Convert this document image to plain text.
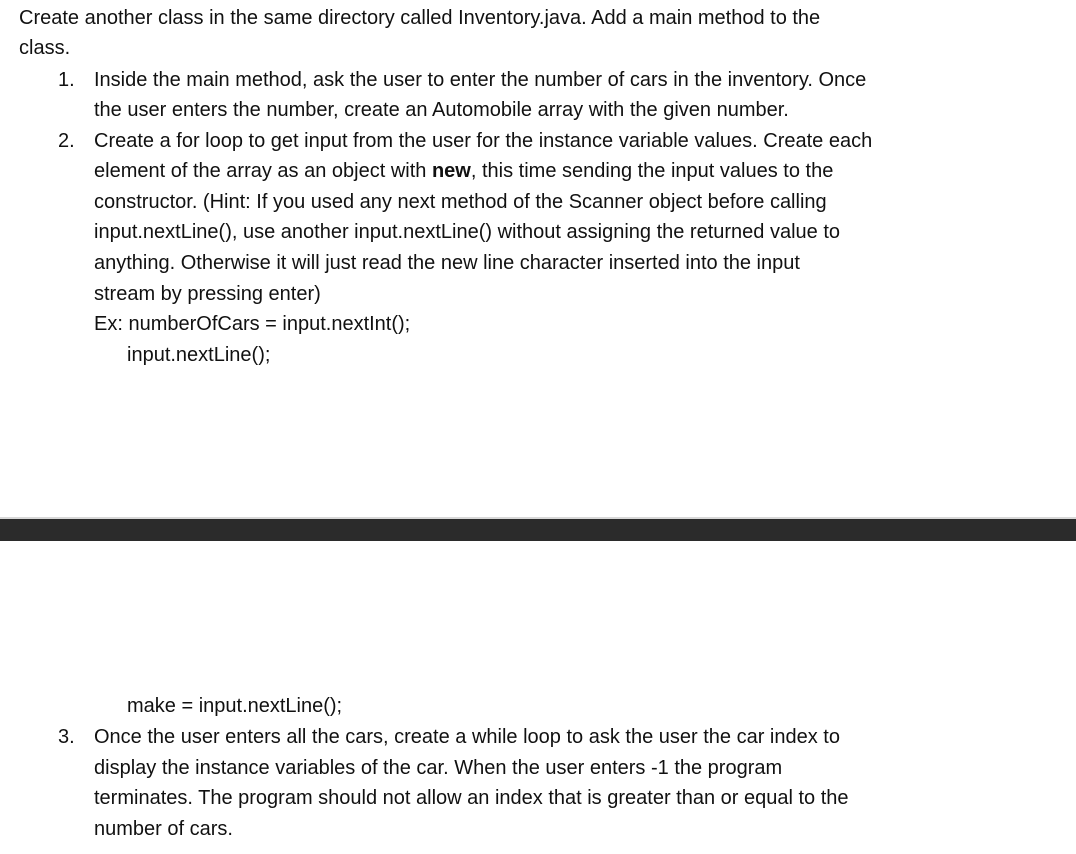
Create another class in the same directory called Inventory.java. Add a main method to the
class.
1. Inside the main method, ask the user to enter the number of cars in the inventory. Once
the user enters the number, create an Automobile array with the given number.
2. Create a for loop to get input from the user for the instance variable values. Create each
element of the array as an object with new, this time sending the input values to the
constructor. (Hint: If you used any next method of the Scanner object before calling
input.nextLine(), use another input.nextLine() without assigning the returned value to
anything. Otherwise it will just read the new line character inserted into the input
stream by pressing enter)
Ex: numberOfCars = input.nextInt();
input.nextLine();
make = input.nextLine();
3. Once the user enters all the cars, create a while loop to ask the user the car index to
display the instance variables of the car. When the user enters -1 the program
terminates. The program should not allow an index that is greater than or equal to the
number of cars.
